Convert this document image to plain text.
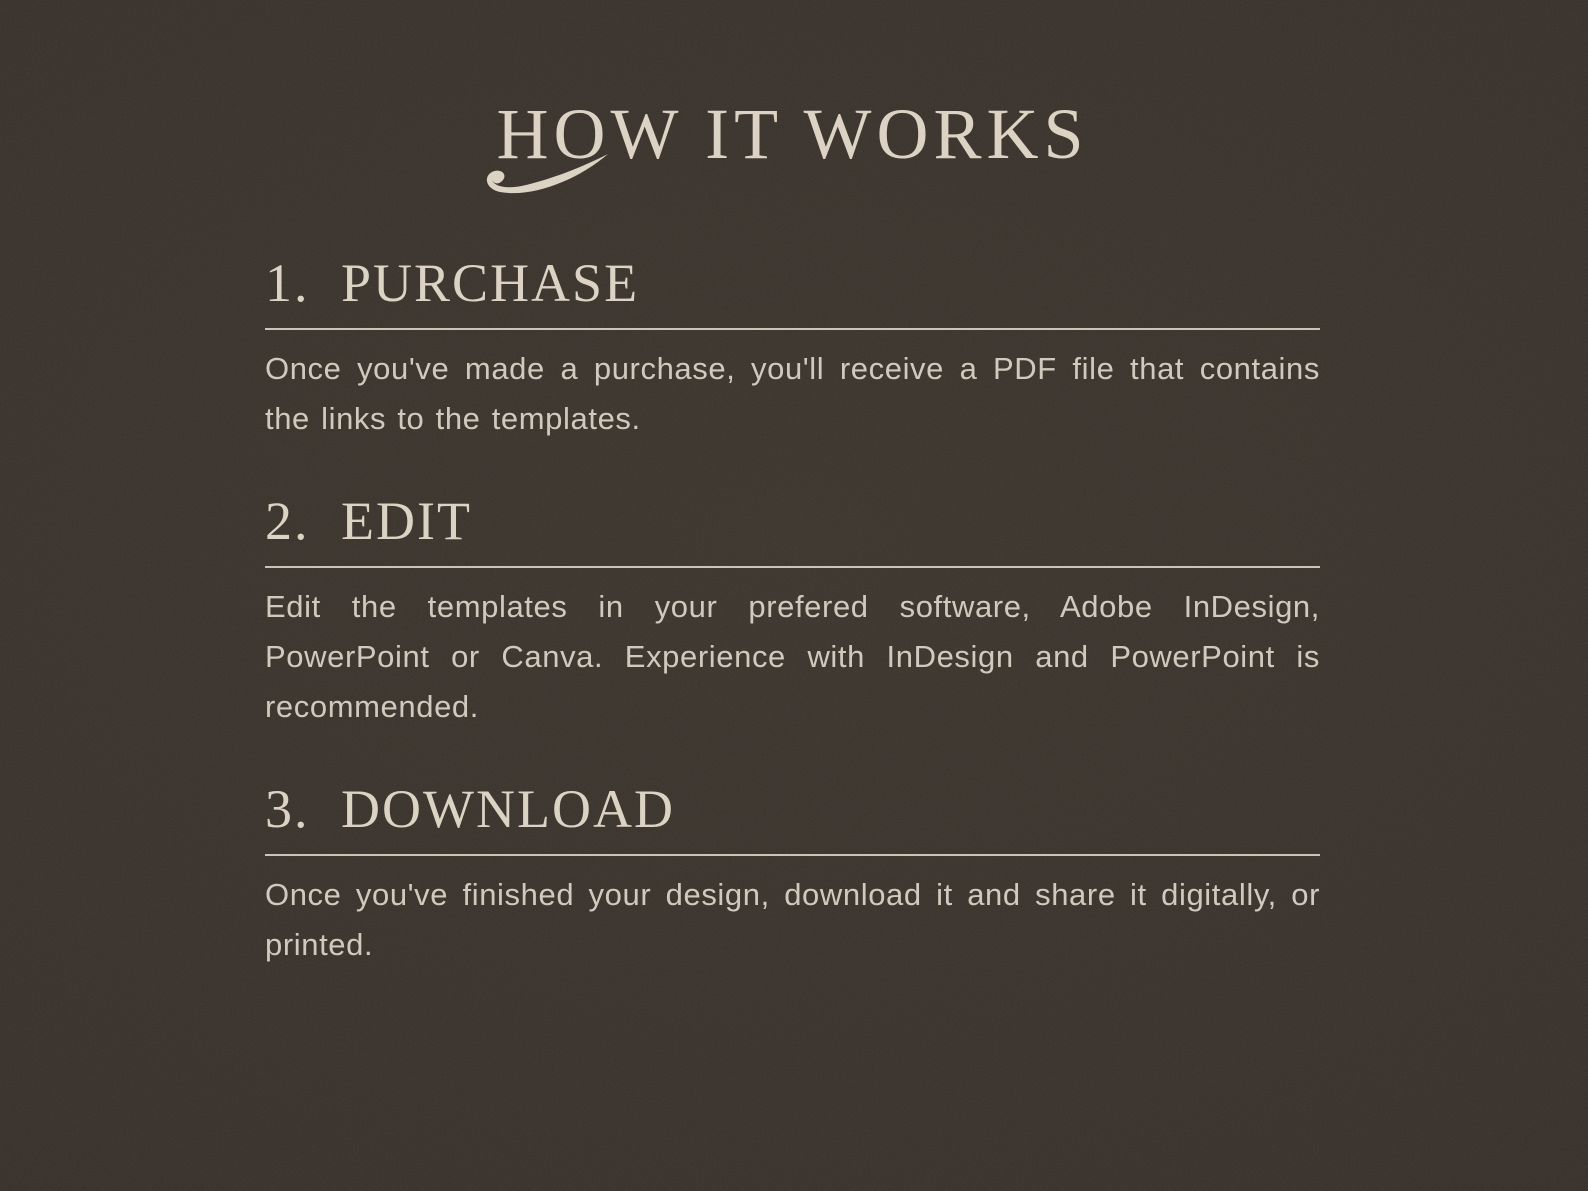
HOW IT WORKS
1. PURCHASE

Once you've made a purchase, you'll receive a PDF file that contains the links to the templates.

2. EDIT

Edit the templates in your prefered software, Adobe InDesign, PowerPoint or Canva. Experience with InDesign and PowerPoint is recommended.

3. DOWNLOAD

Once you've finished your design, download it and share it digitally, or printed.
